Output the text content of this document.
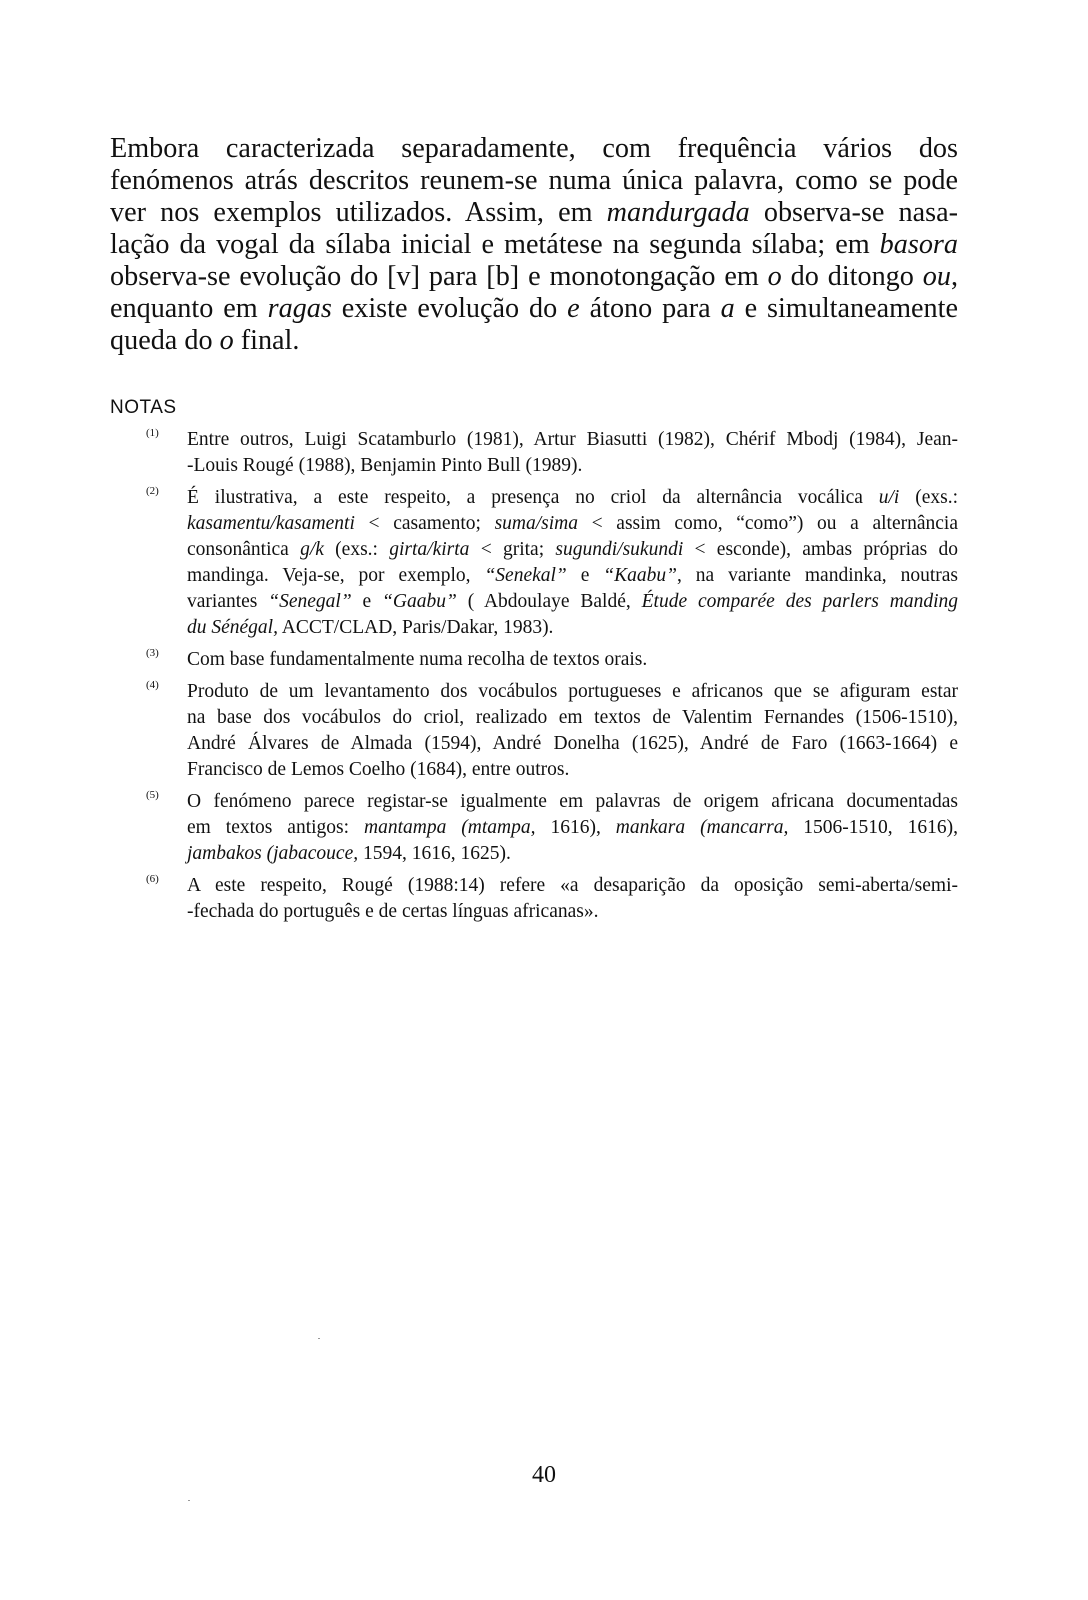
Embora caracterizada separadamente, com frequência vários dos
fenómenos atrás descritos reunem-se numa única palavra, como se pode
ver nos exemplos utilizados. Assim, em mandurgada observa-se nasa-
lação da vogal da sílaba inicial e metátese na segunda sílaba; em basora
observa-se evolução do [v] para [b] e monotongação em o do ditongo ou,
enquanto em ragas existe evolução do e átono para a e simultaneamente
queda do o final.

NOTAS

(1) Entre outros, Luigi Scatamburlo (1981), Artur Biasutti (1982), Chérif Mbodj (1984), Jean-
-Louis Rougé (1988), Benjamin Pinto Bull (1989).
(2) É ilustrativa, a este respeito, a presença no criol da alternância vocálica u/i (exs.:
kasamentu/kasamenti < casamento; suma/sima < assim como, “como”) ou a alternância
consonântica g/k (exs.: girta/kirta < grita; sugundi/sukundi < esconde), ambas próprias do
mandinga. Veja-se, por exemplo, “Senekal” e “Kaabu”, na variante mandinka, noutras
variantes “Senegal” e “Gaabu” ( Abdoulaye Baldé, Étude comparée des parlers manding
du Sénégal, ACCT/CLAD, Paris/Dakar, 1983).
(3) Com base fundamentalmente numa recolha de textos orais.
(4) Produto de um levantamento dos vocábulos portugueses e africanos que se afiguram estar
na base dos vocábulos do criol, realizado em textos de Valentim Fernandes (1506-1510),
André Álvares de Almada (1594), André Donelha (1625), André de Faro (1663-1664) e
Francisco de Lemos Coelho (1684), entre outros.
(5) O fenómeno parece registar-se igualmente em palavras de origem africana documentadas
em textos antigos: mantampa (mtampa, 1616), mankara (mancarra, 1506-1510, 1616),
jambakos (jabacouce, 1594, 1616, 1625).
(6) A este respeito, Rougé (1988:14) refere «a desaparição da oposição semi-aberta/semi-
-fechada do português e de certas línguas africanas».

40
